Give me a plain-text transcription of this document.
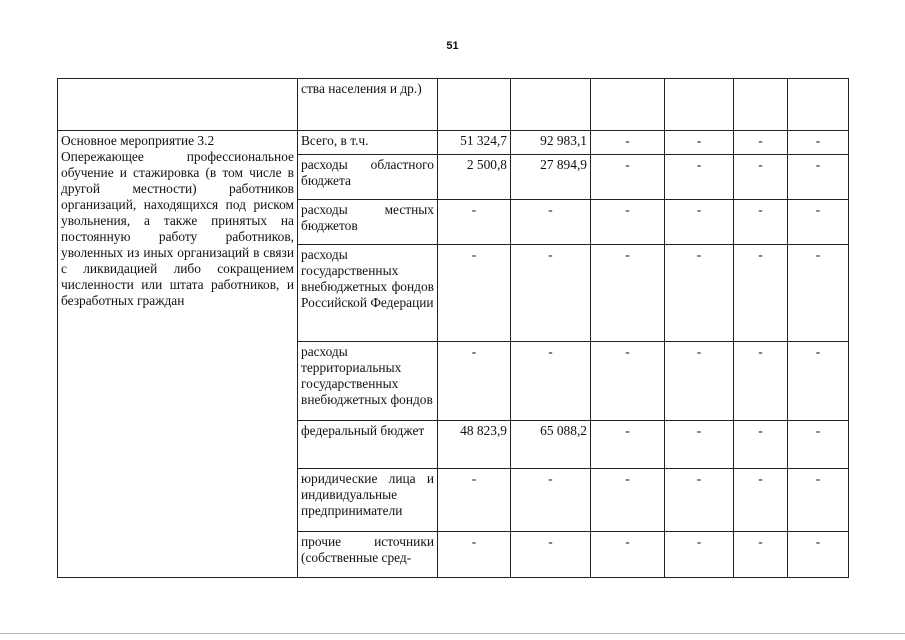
51
	ства населения и др.)						

Основное мероприятие 3.2
Опережающее профессиональное обучение и стажировка (в том числе в другой местности) работников организаций, находящихся под риском увольнения, а также принятых на постоянную работу работников, уволенных из иных организаций в связи с ликвидацией либо сокращением численности или штата работников, и безработных граждан	Всего, в т.ч.	51 324,7	92 983,1	-	-	-	-
	расходы областного бюджета	2 500,8	27 894,9	-	-	-	-
	расходы местных бюджетов	-	-	-	-	-	-
	расходы государственных внебюджетных фондов Российской Федерации	-	-	-	-	-	-
	расходы территориальных государственных внебюджетных фондов	-	-	-	-	-	-
	федеральный бюджет	48 823,9	65 088,2	-	-	-	-
	юридические лица и индивидуальные предприниматели	-	-	-	-	-	-
	прочие источники (собственные сред-	-	-	-	-	-	-
